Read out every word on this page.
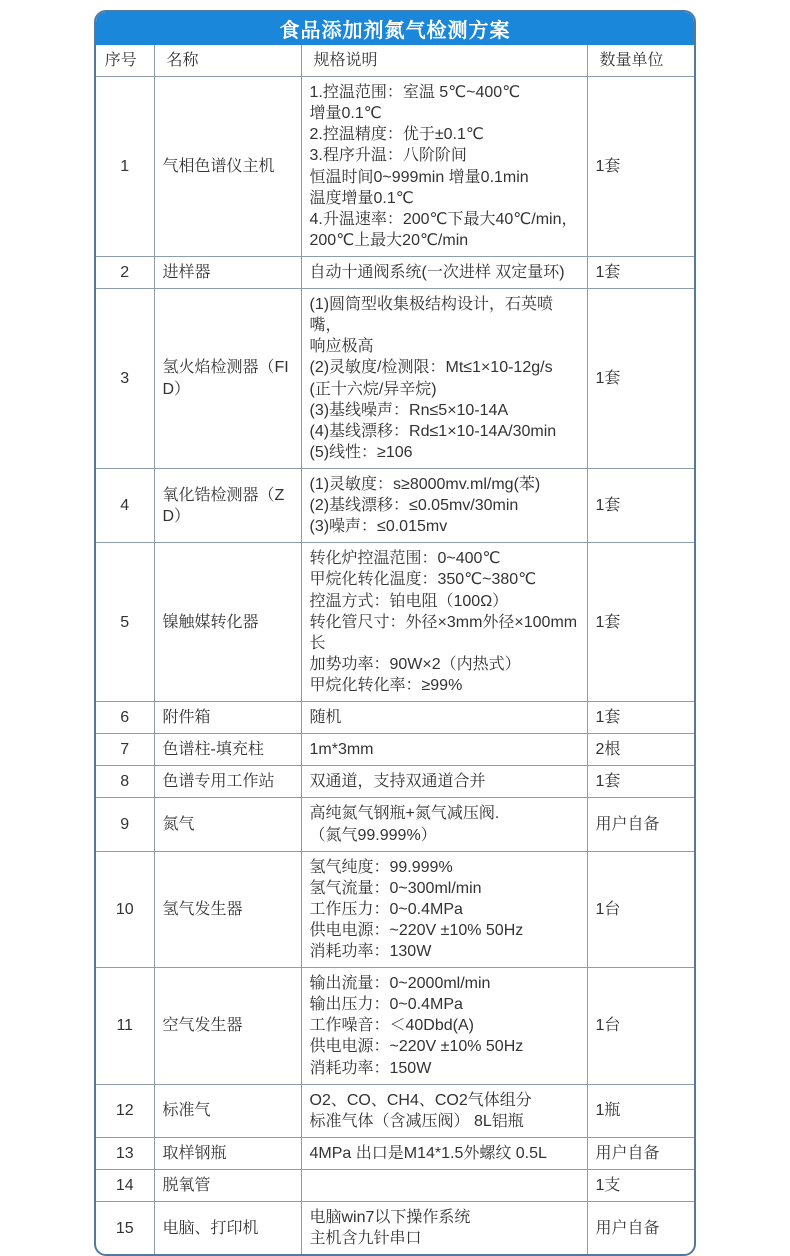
食品添加剂氮气检测方案
序号	名称	规格说明	数量单位
1	气相色谱仪主机	
1.控温范围：室温 5℃~400℃
增量0.1℃
2.控温精度：优于±0.1℃
3.程序升温：八阶阶间
恒温时间0~999min 增量0.1min
温度增量0.1℃
4.升温速率：200℃下最大40℃/min，
200℃上最大20℃/min
	1套
2	进样器	自动十通阀系统(一次进样 双定量环)	1套
3	氢火焰检测器（FID）	
(1)圆筒型收集极结构设计，石英喷嘴，
响应极高
(2)灵敏度/检测限：Mt≤1×10-12g/s
(正十六烷/异辛烷)
(3)基线噪声：Rn≤5×10-14A
(4)基线漂移：Rd≤1×10-14A/30min
(5)线性：≥106
	1套
4	氧化锆检测器（ZD）	(1)灵敏度：s≥8000mv.ml/mg(苯)
(2)基线漂移：≤0.05mv/30min
(3)噪声：≤0.015mv	1套
5	镍触媒转化器	
转化炉控温范围：0~400℃
甲烷化转化温度：350℃~380℃
控温方式：铂电阻（100Ω）
转化管尺寸：外径×3mm外径×100mm长
加势功率：90W×2（内热式）
甲烷化转化率：≥99%
	1套
6	附件箱	随机	1套
7	色谱柱-填充柱	1m*3mm	2根
8	色谱专用工作站	双通道，支持双通道合并	1套
9	氮气	高纯氮气钢瓶+氮气减压阀.
（氮气99.999%）	用户自备
10	氢气发生器	氢气纯度：99.999%
氢气流量：0~300ml/min
工作压力：0~0.4MPa
供电电源：~220V ±10% 50Hz
消耗功率：130W	1台
11	空气发生器	输出流量：0~2000ml/min
输出压力：0~0.4MPa
工作噪音：＜40Dbd(A)
供电电源：~220V ±10% 50Hz
消耗功率：150W	1台
12	标准气	O2、CO、CH4、CO2气体组分
标准气体（含减压阀） 8L铝瓶	1瓶
13	取样钢瓶	4MPa 出口是M14*1.5外螺纹 0.5L	用户自备
14	脱氧管		1支
15	电脑、打印机	电脑win7以下操作系统
主机含九针串口	用户自备
